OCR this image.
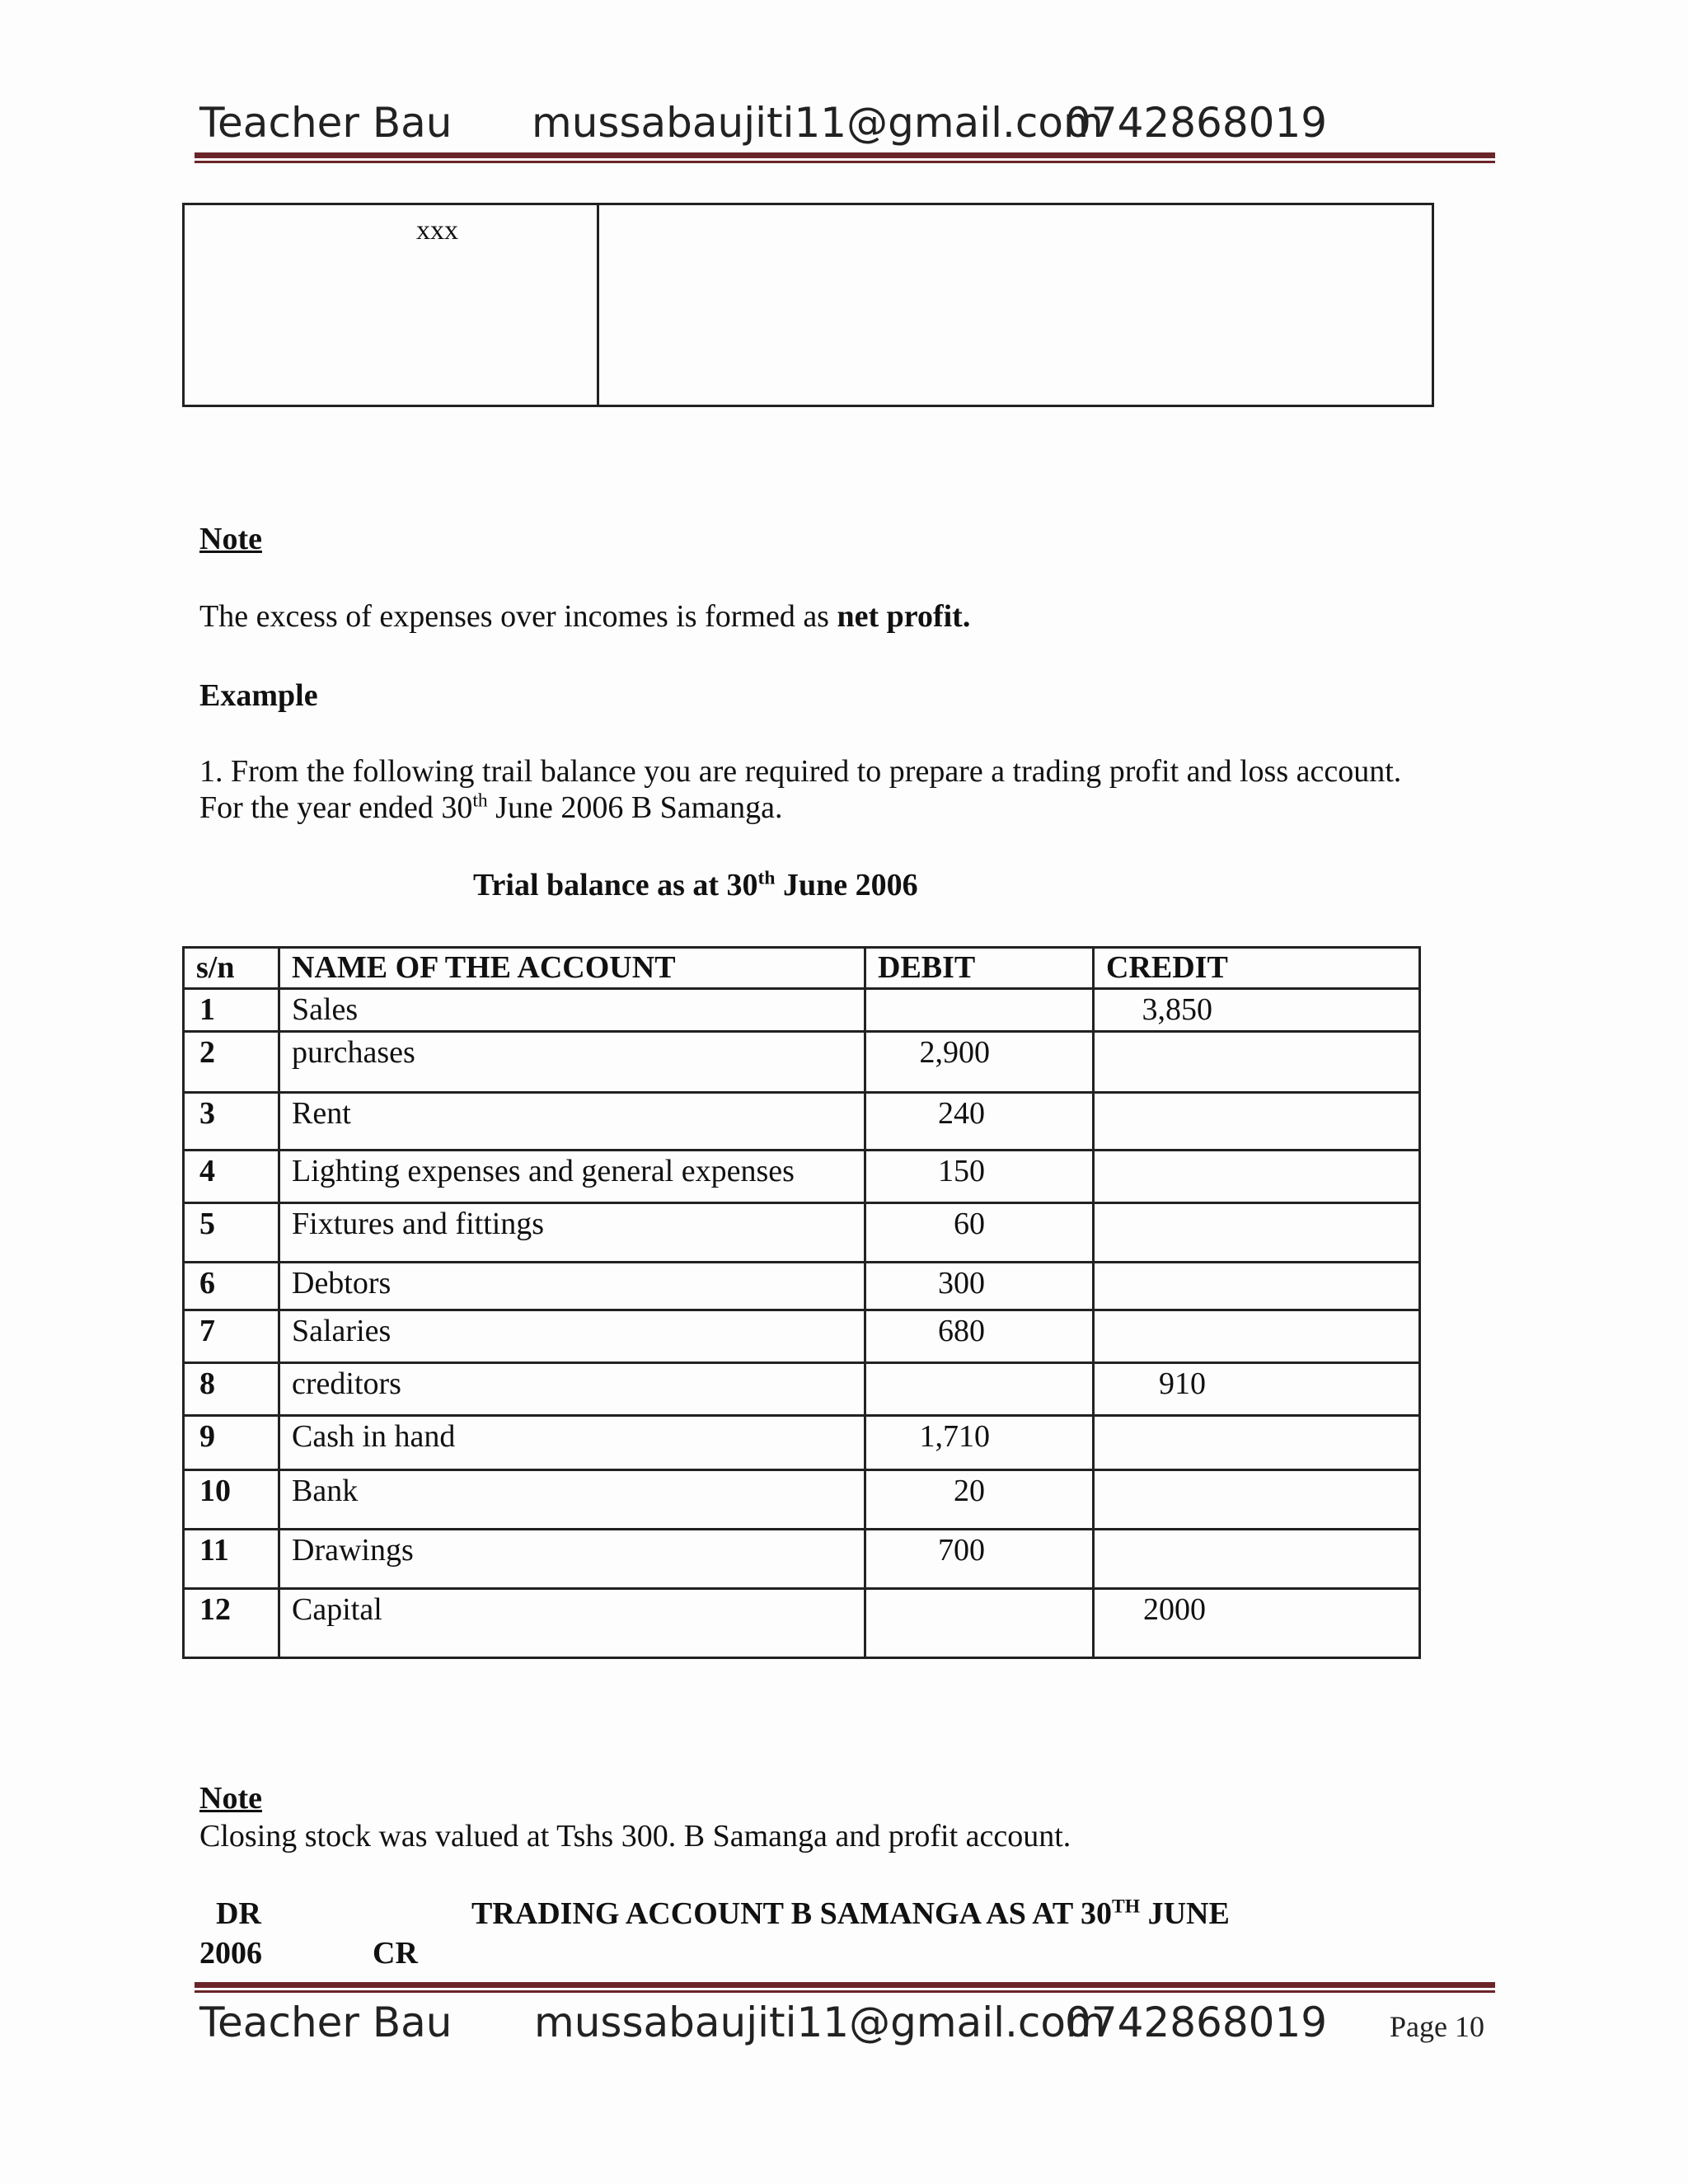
Teacher Bau mussabaujiti11@gmail.com
0742868019
xxx
Note
The excess of expenses over incomes is formed as net profit.
Example
1. From the following trail balance you are required to prepare a trading profit and loss account.
For the year ended 30th June 2006 B Samanga.
Trial balance as at 30th June 2006
s/n	NAME OF THE ACCOUNT	DEBIT	CREDIT
1	Sales		3,850
2	purchases	2,900	
3	Rent	240	
4	Lighting expenses and general expenses	150	
5	Fixtures and fittings	60	
6	Debtors	300	
7	Salaries	680	
8	creditors		910
9	Cash in hand	1,710	
10	Bank	20	
11	Drawings	700	
12	Capital		2000
Note
Closing stock was valued at Tshs 300. B Samanga and profit account.
DR	TRADING ACCOUNT B SAMANGA AS AT 30TH JUNE
2006	CR
Teacher Bau mussabaujiti11@gmail.com
0742868019 Page 10
